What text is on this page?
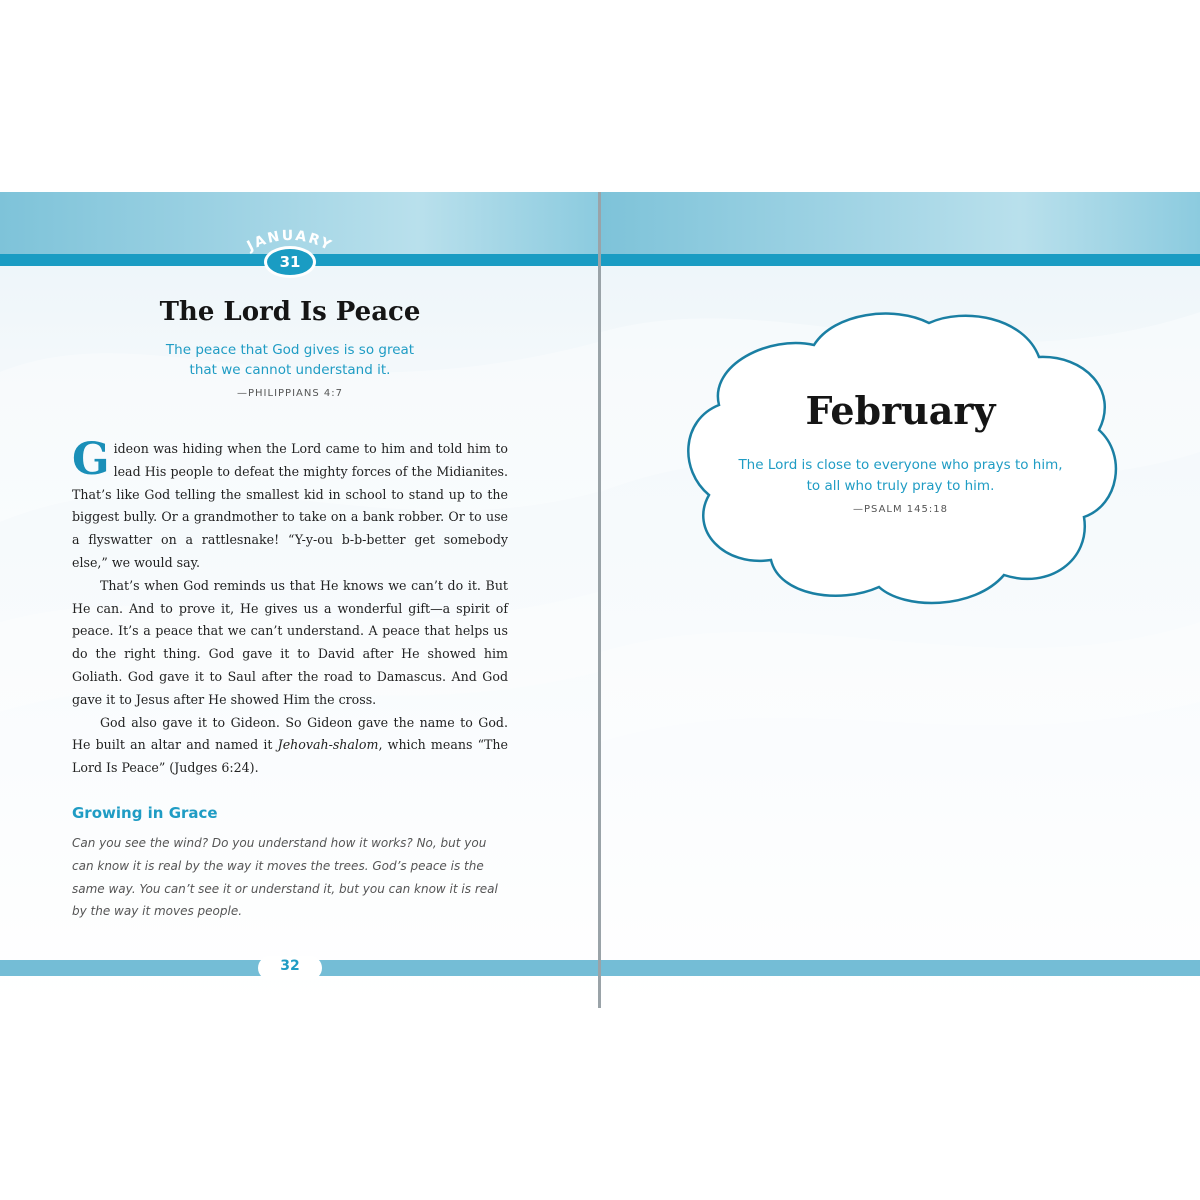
JANUARY
31
The Lord Is Peace
The peace that God gives is so great
that we cannot understand it.
—PHILIPPIANS 4:7

Gideon was hiding when the Lord came to him and told him to lead His people to defeat the mighty forces of the Midianites. That’s like God telling the smallest kid in school to stand up to the biggest bully. Or a grandmother to take on a bank robber. Or to use a flyswatter on a rattlesnake! “Y-y-ou b-b-better get somebody else,” we would say.

That’s when God reminds us that He knows we can’t do it. But He can. And to prove it, He gives us a wonderful gift—a spirit of peace. It’s a peace that we can’t understand. A peace that helps us do the right thing. God gave it to David after He showed him Goliath. God gave it to Saul after the road to Damascus. And God gave it to Jesus after He showed Him the cross.

God also gave it to Gideon. So Gideon gave the name to God. He built an altar and named it Jehovah-shalom, which means “The Lord Is Peace” (Judges 6:24).

Growing in Grace
Can you see the wind? Do you understand how it works? No, but you can know it is real by the way it moves the trees. God’s peace is the same way. You can’t see it or understand it, but you can know it is real by the way it moves people.
32
February
The Lord is close to everyone who prays to him,
to all who truly pray to him.
—PSALM 145:18
